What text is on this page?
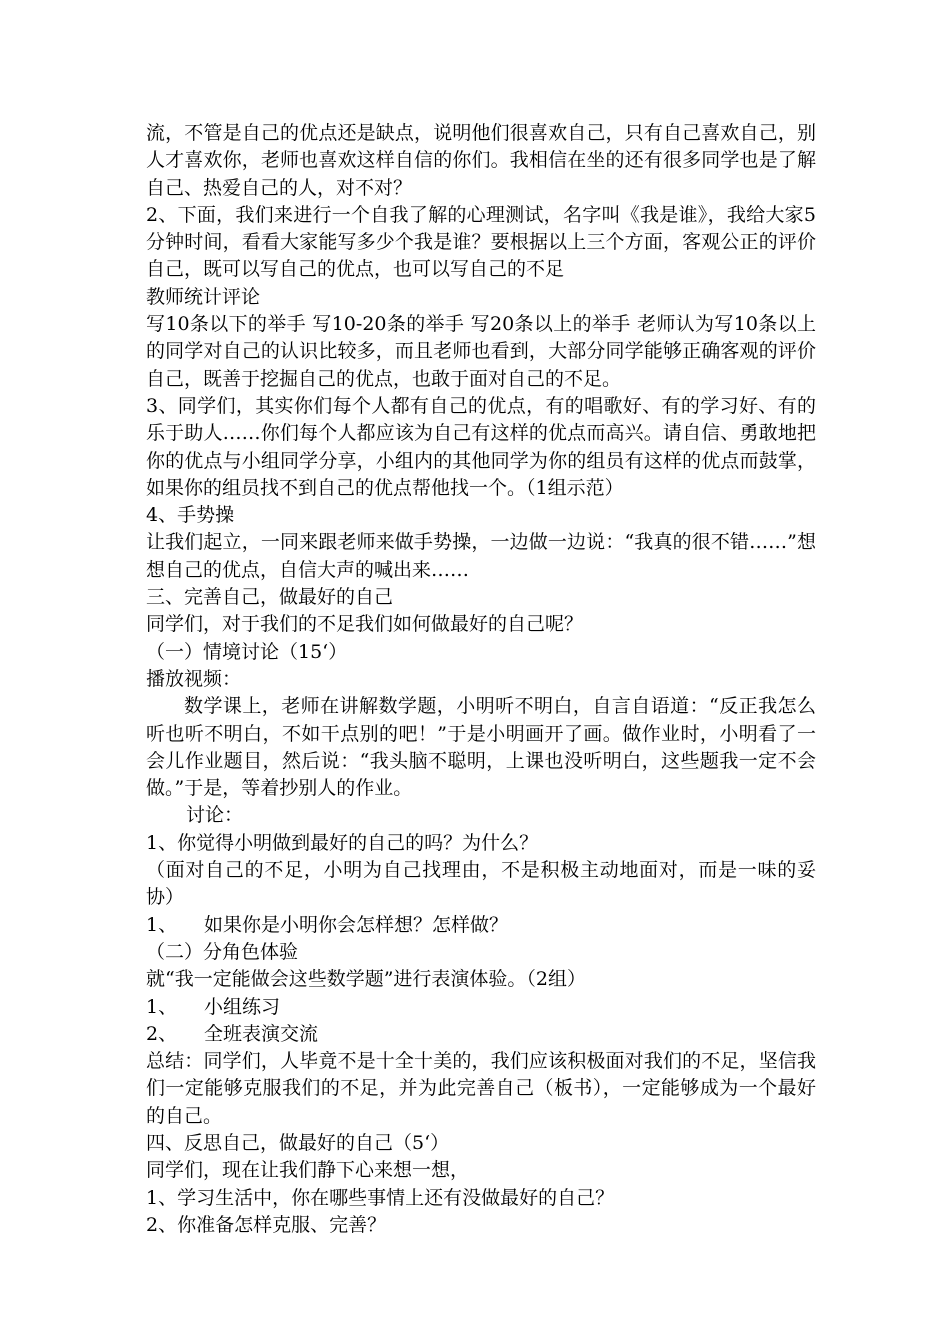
流，不管是自己的优点还是缺点，说明他们很喜欢自己，只有自己喜欢自己，别人才喜欢你，老师也喜欢这样自信的你们。我相信在坐的还有很多同学也是了解自己、热爱自己的人，对不对？

2、下面，我们来进行一个自我了解的心理测试，名字叫《我是谁》，我给大家5分钟时间，看看大家能写多少个我是谁？要根据以上三个方面，客观公正的评价自己，既可以写自己的优点，也可以写自己的不足

教师统计评论

写10条以下的举手 写10-20条的举手 写20条以上的举手 老师认为写10条以上的同学对自己的认识比较多，而且老师也看到，大部分同学能够正确客观的评价自己，既善于挖掘自己的优点，也敢于面对自己的不足。

3、同学们，其实你们每个人都有自己的优点，有的唱歌好、有的学习好、有的乐于助人……你们每个人都应该为自己有这样的优点而高兴。请自信、勇敢地把你的优点与小组同学分享，小组内的其他同学为你的组员有这样的优点而鼓掌，如果你的组员找不到自己的优点帮他找一个。（1组示范）

4、手势操

让我们起立，一同来跟老师来做手势操，一边做一边说：“我真的很不错……”想想自己的优点，自信大声的喊出来……

三、完善自己，做最好的自己

同学们，对于我们的不足我们如何做最好的自己呢？

（一）情境讨论（15‘）

播放视频：

数学课上，老师在讲解数学题，小明听不明白，自言自语道：“反正我怎么听也听不明白，不如干点别的吧！”于是小明画开了画。做作业时，小明看了一会儿作业题目，然后说：“我头脑不聪明，上课也没听明白，这些题我一定不会做。”于是，等着抄别人的作业。

讨论：

1、你觉得小明做到最好的自己的吗？为什么？

（面对自己的不足，小明为自己找理由，不是积极主动地面对，而是一味的妥协）

1、 如果你是小明你会怎样想？怎样做？

（二）分角色体验

就“我一定能做会这些数学题”进行表演体验。（2组）

1、 小组练习

2、 全班表演交流

总结：同学们，人毕竟不是十全十美的，我们应该积极面对我们的不足，坚信我们一定能够克服我们的不足，并为此完善自己（板书），一定能够成为一个最好的自己。

四、反思自己，做最好的自己（5‘）

同学们，现在让我们静下心来想一想，

1、学习生活中，你在哪些事情上还有没做最好的自己？

2、你准备怎样克服、完善？
